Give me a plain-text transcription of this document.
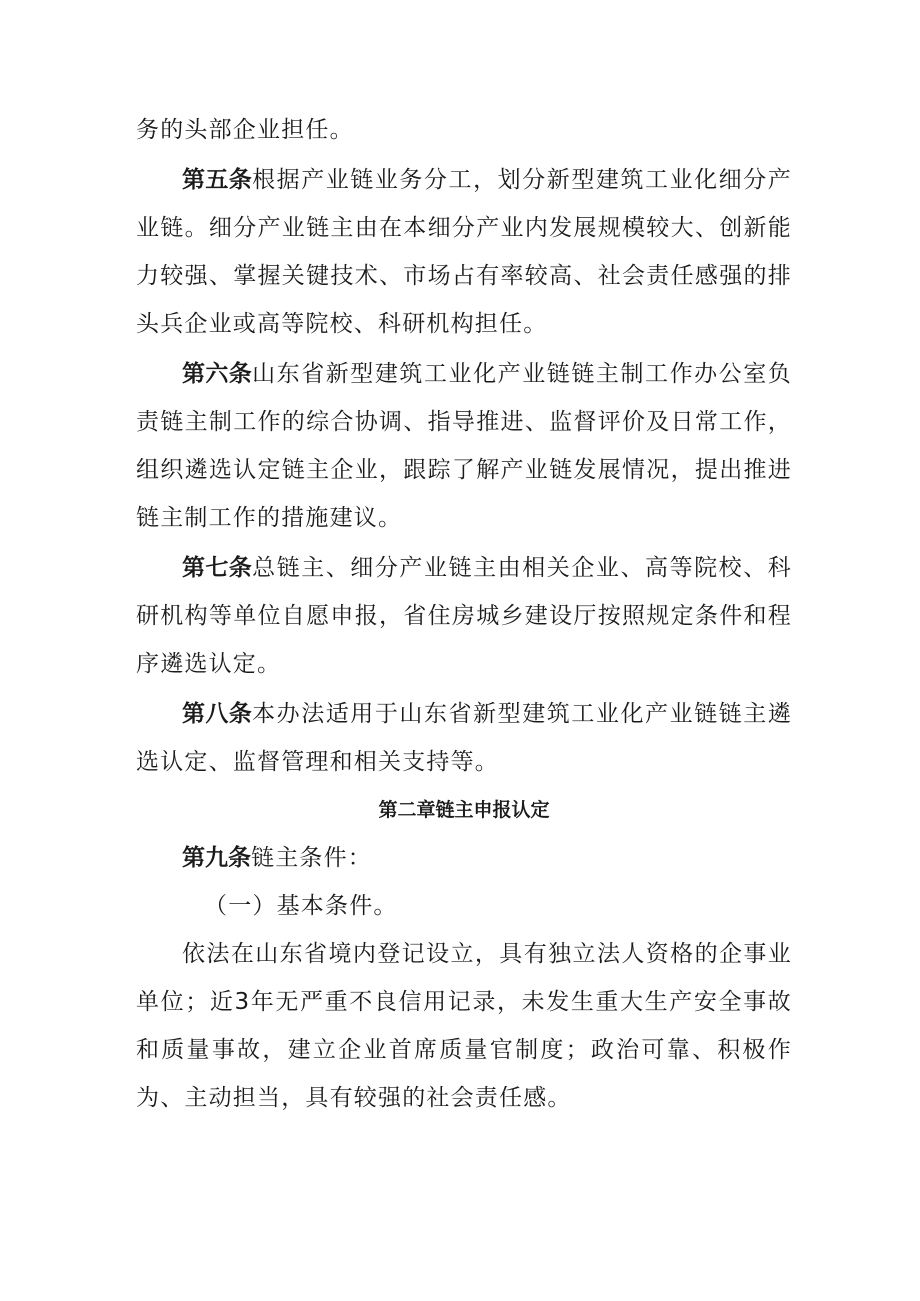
务的头部企业担任。

第五条根据产业链业务分工，划分新型建筑工业化细分产业链。细分产业链主由在本细分产业内发展规模较大、创新能力较强、掌握关键技术、市场占有率较高、社会责任感强的排头兵企业或高等院校、科研机构担任。

第六条山东省新型建筑工业化产业链链主制工作办公室负责链主制工作的综合协调、指导推进、监督评价及日常工作，组织遴选认定链主企业，跟踪了解产业链发展情况，提出推进链主制工作的措施建议。

第七条总链主、细分产业链主由相关企业、高等院校、科研机构等单位自愿申报，省住房城乡建设厅按照规定条件和程序遴选认定。

第八条本办法适用于山东省新型建筑工业化产业链链主遴选认定、监督管理和相关支持等。

第二章链主申报认定

第九条链主条件：

（一）基本条件。

依法在山东省境内登记设立，具有独立法人资格的企事业单位；近3年无严重不良信用记录，未发生重大生产安全事故和质量事故，建立企业首席质量官制度；政治可靠、积极作为、主动担当，具有较强的社会责任感。
